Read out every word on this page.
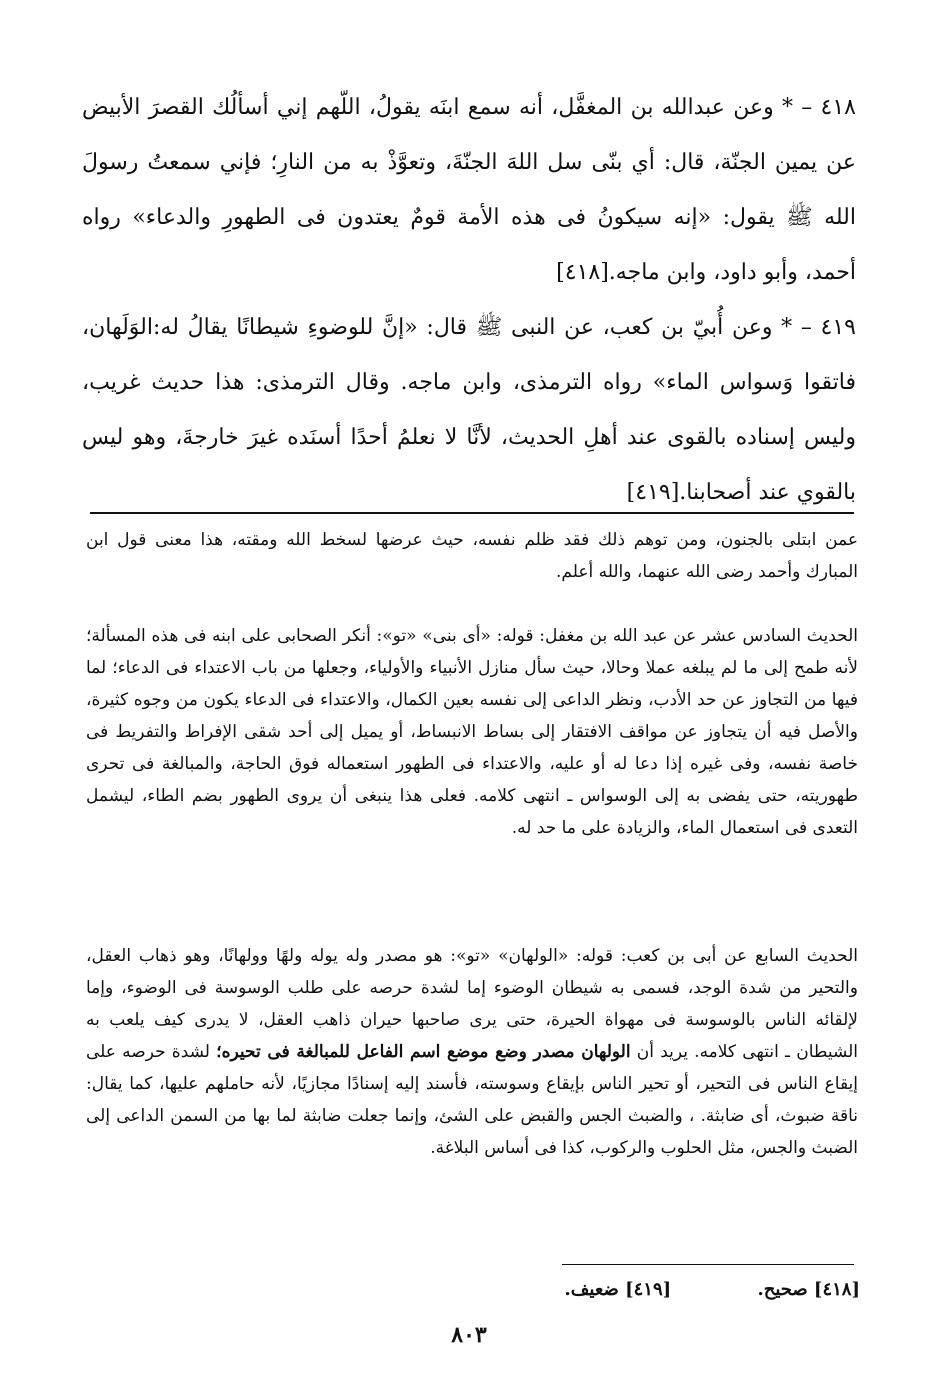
٤١٨ – * وعن عبدالله بن المغفَّل، أنه سمع ابنَه يقولُ، اللّهم إني أسألُك القصرَ الأبيض عن يمين الجنّة، قال: أي بنّى سل اللهَ الجنّةَ، وتعوَّذْ به من النارِ؛ فإني سمعتُ رسولَ الله ﷺ يقول: «إنه سيكونُ فى هذه الأمة قومٌ يعتدون فى الطهورِ والدعاء» رواه أحمد، وأبو داود، وابن ماجه.[٤١٨]

٤١٩ – * وعن أُبيّ بن كعب، عن النبى ﷺ قال: «إنَّ للوضوءِ شيطانًا يقالُ له:الوَلَهان، فاتقوا وَسواس الماء» رواه الترمذى، وابن ماجه. وقال الترمذى: هذا حديث غريب، وليس إسناده بالقوى عند أهلِ الحديث، لأنَّا لا نعلمُ أحدًا أسنَده غيرَ خارجةَ، وهو ليس بالقوي عند أصحابنا.[٤١٩]

عمن ابتلى بالجنون، ومن توهم ذلك فقد ظلم نفسه، حيث عرضها لسخط الله ومقته، هذا معنى قول ابن المبارك وأحمد رضى الله عنهما، والله أعلم.

الحديث السادس عشر عن عبد الله بن مغفل: قوله: «أى بنى» «تو»: أنكر الصحابى على ابنه فى هذه المسألة؛ لأنه طمح إلى ما لم يبلغه عملا وحالا، حيث سأل منازل الأنبياء والأولياء، وجعلها من باب الاعتداء فى الدعاء؛ لما فيها من التجاوز عن حد الأدب، ونظر الداعى إلى نفسه بعين الكمال، والاعتداء فى الدعاء يكون من وجوه كثيرة، والأصل فيه أن يتجاوز عن مواقف الافتقار إلى بساط الانبساط، أو يميل إلى أحد شقى الإفراط والتفريط فى خاصة نفسه، وفى غيره إذا دعا له أو عليه، والاعتداء فى الطهور استعماله فوق الحاجة، والمبالغة فى تحرى طهوريته، حتى يفضى به إلى الوسواس ـ انتهى كلامه. فعلى هذا ينبغى أن يروى الطهور بضم الطاء، ليشمل التعدى فى استعمال الماء، والزيادة على ما حد له.

الحديث السابع عن أبى بن كعب: قوله: «الولهان» «تو»: هو مصدر وله يوله ولهًا وولهانًا، وهو ذهاب العقل، والتحير من شدة الوجد، فسمى به شيطان الوضوء إما لشدة حرصه على طلب الوسوسة فى الوضوء، وإما لإلقائه الناس بالوسوسة فى مهواة الحيرة، حتى يرى صاحبها حيران ذاهب العقل، لا يدرى كيف يلعب به الشيطان ـ انتهى كلامه. يريد أن الولهان مصدر وضع موضع اسم الفاعل للمبالغة فى تحيره؛ لشدة حرصه على إيقاع الناس فى التحير، أو تحير الناس بإيقاع وسوسته، فأسند إليه إسنادًا مجازيًا، لأنه حاملهم عليها، كما يقال: ناقة ضبوث، أى ضابثة. ، والضبث الجس والقبض على الشئ، وإنما جعلت ضابثة لما بها من السمن الداعى إلى الضبث والجس، مثل الحلوب والركوب، كذا فى أساس البلاغة.

[٤١٨] صحيح. [٤١٩] ضعيف.
٨٠٣
